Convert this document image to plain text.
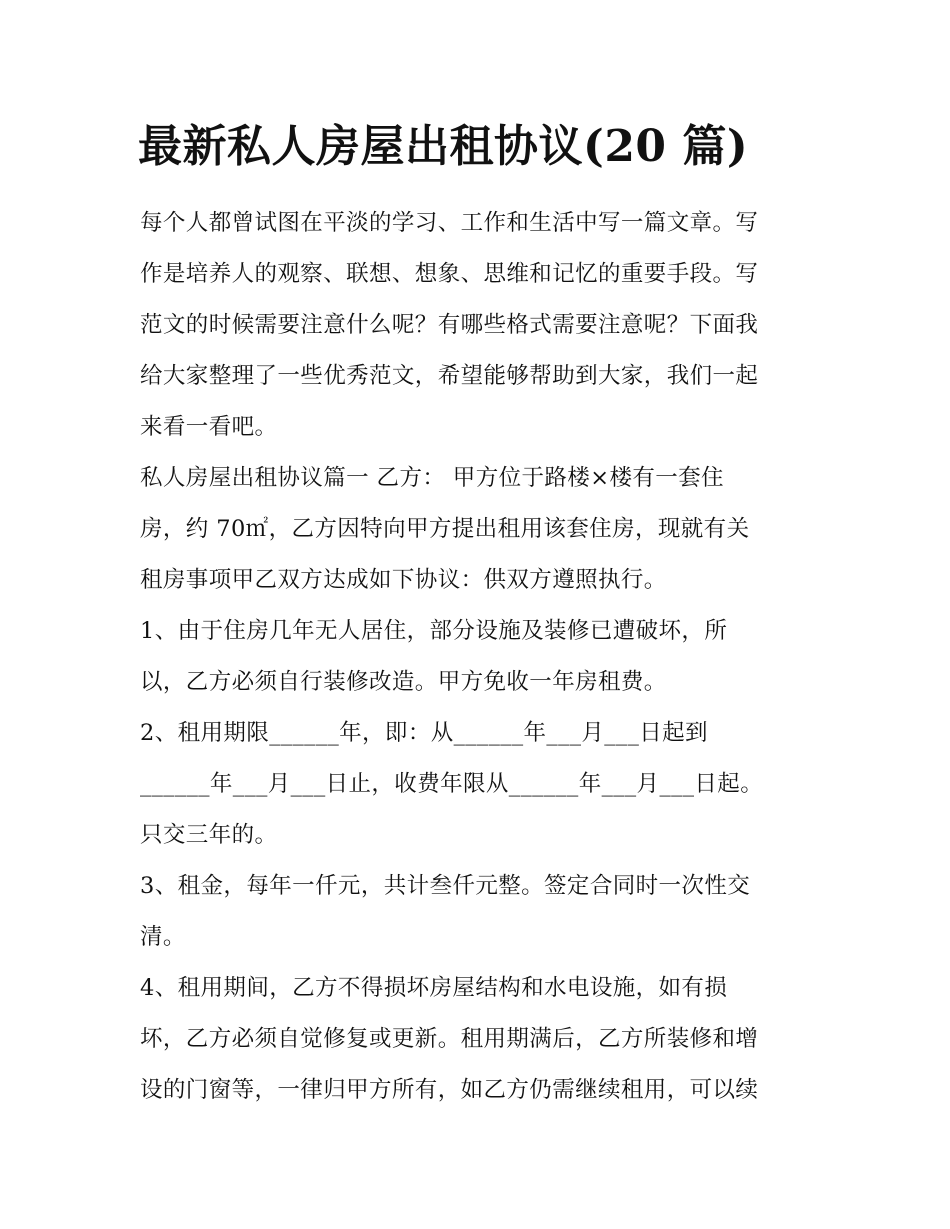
最新私人房屋出租协议(20 篇)

每个人都曾试图在平淡的学习、工作和生活中写一篇文章。写

作是培养人的观察、联想、想象、思维和记忆的重要手段。写

范文的时候需要注意什么呢？有哪些格式需要注意呢？下面我

给大家整理了一些优秀范文，希望能够帮助到大家，我们一起

来看一看吧。

私人房屋出租协议篇一 乙方： 甲方位于路楼×楼有一套住

房，约 70㎡，乙方因特向甲方提出租用该套住房，现就有关

租房事项甲乙双方达成如下协议：供双方遵照执行。

1、由于住房几年无人居住，部分设施及装修已遭破坏，所

以，乙方必须自行装修改造。甲方免收一年房租费。

2、租用期限______年，即：从______年___月___日起到

______年___月___日止，收费年限从______年___月___日起。

只交三年的。

3、租金，每年一仟元，共计叁仟元整。签定合同时一次性交

清。

4、租用期间，乙方不得损坏房屋结构和水电设施，如有损

坏，乙方必须自觉修复或更新。租用期满后，乙方所装修和增

设的门窗等，一律归甲方所有，如乙方仍需继续租用，可以续
